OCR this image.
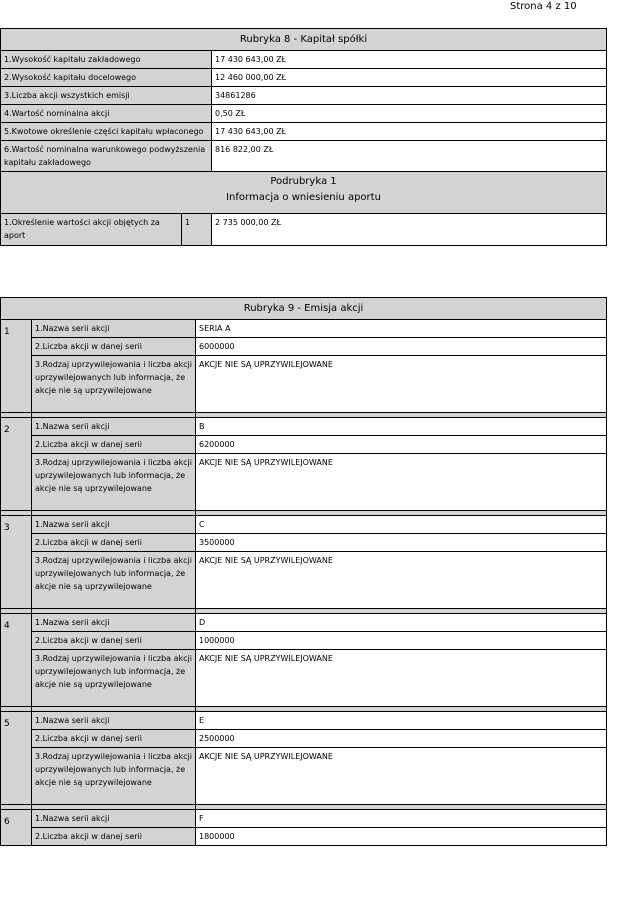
Strona 4 z 10
Rubryka 8 - Kapitał spółki		
1.Wysokość kapitału zakładowego		17 430 643,00 ZŁ
2.Wysokość kapitału docelowego		12 460 000,00 ZŁ
3.Liczba akcji wszystkich emisji		34861286
4.Wartość nominalna akcji		0,50 ZŁ
5.Kwotowe określenie części kapitału wpłaconego		17 430 643,00 ZŁ
6.Wartość nominalna warunkowego podwyższenia kapitału zakładowego		816 822,00 ZŁ

Podrubryka 1
Informacja o wniesieniu aportu		

1.Określenie wartości akcji objętych za aport	1	2 735 000,00 ZŁ
Rubryka 9 - Emisja akcji		
1	1.Nazwa serii akcji	SERIA A
	2.Liczba akcji w danej serii	6000000
	3.Rodzaj uprzywilejowania i liczba akcji uprzywilejowanych lub informacja, że akcje nie są uprzywilejowane	AKCJE NIE SĄ UPRZYWILEJOWANE

2	1.Nazwa serii akcji	B
	2.Liczba akcji w danej serii	6200000
	3.Rodzaj uprzywilejowania i liczba akcji uprzywilejowanych lub informacja, że akcje nie są uprzywilejowane	AKCJE NIE SĄ UPRZYWILEJOWANE

3	1.Nazwa serii akcji	C
	2.Liczba akcji w danej serii	3500000
	3.Rodzaj uprzywilejowania i liczba akcji uprzywilejowanych lub informacja, że akcje nie są uprzywilejowane	AKCJE NIE SĄ UPRZYWILEJOWANE

4	1.Nazwa serii akcji	D
	2.Liczba akcji w danej serii	1000000
	3.Rodzaj uprzywilejowania i liczba akcji uprzywilejowanych lub informacja, że akcje nie są uprzywilejowane	AKCJE NIE SĄ UPRZYWILEJOWANE

5	1.Nazwa serii akcji	E
	2.Liczba akcji w danej serii	2500000
	3.Rodzaj uprzywilejowania i liczba akcji uprzywilejowanych lub informacja, że akcje nie są uprzywilejowane	AKCJE NIE SĄ UPRZYWILEJOWANE

6	1.Nazwa serii akcji	F
	2.Liczba akcji w danej serii	1800000
